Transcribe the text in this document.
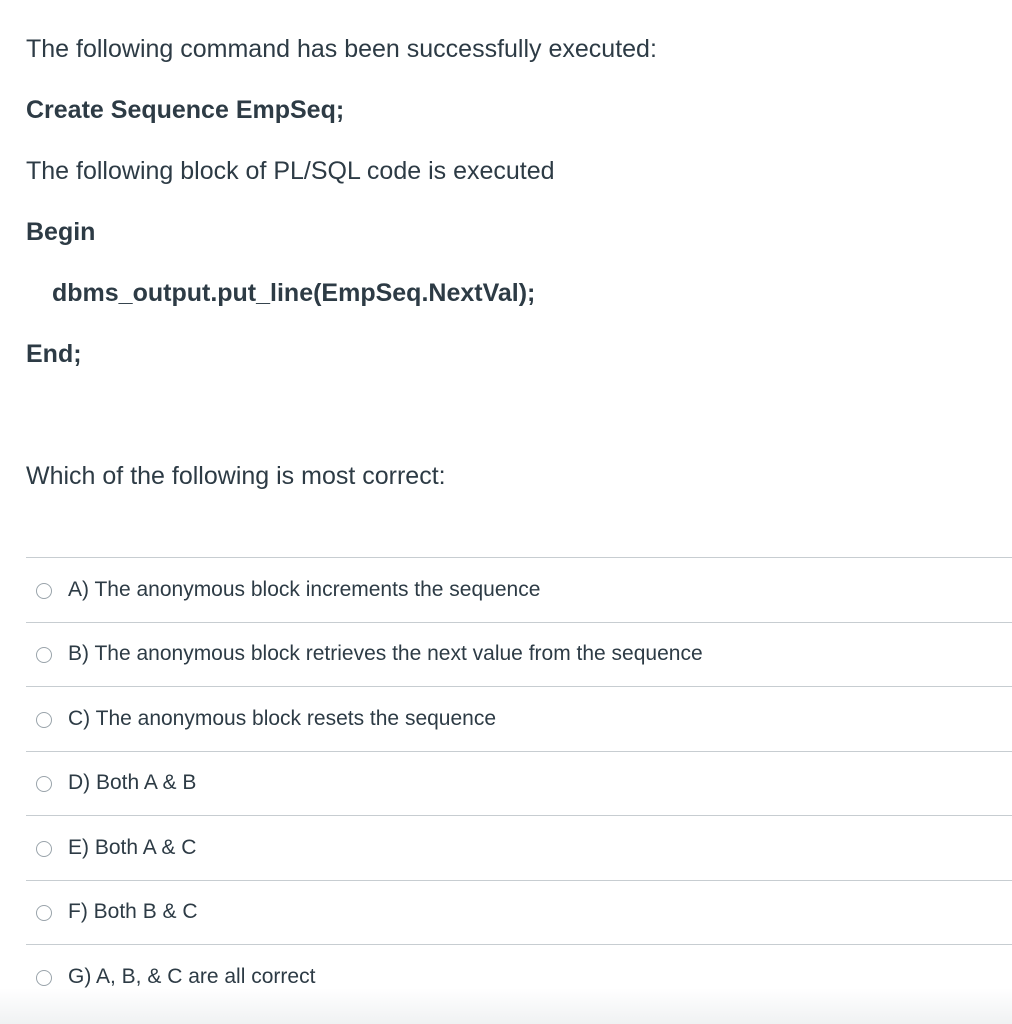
The following command has been successfully executed:
Create Sequence EmpSeq;
The following block of PL/SQL code is executed
Begin
dbms_output.put_line(EmpSeq.NextVal);
End;
Which of the following is most correct:
A) The anonymous block increments the sequence
B) The anonymous block retrieves the next value from the sequence
C) The anonymous block resets the sequence
D) Both A & B
E) Both A & C
F) Both B & C
G) A, B, & C are all correct
